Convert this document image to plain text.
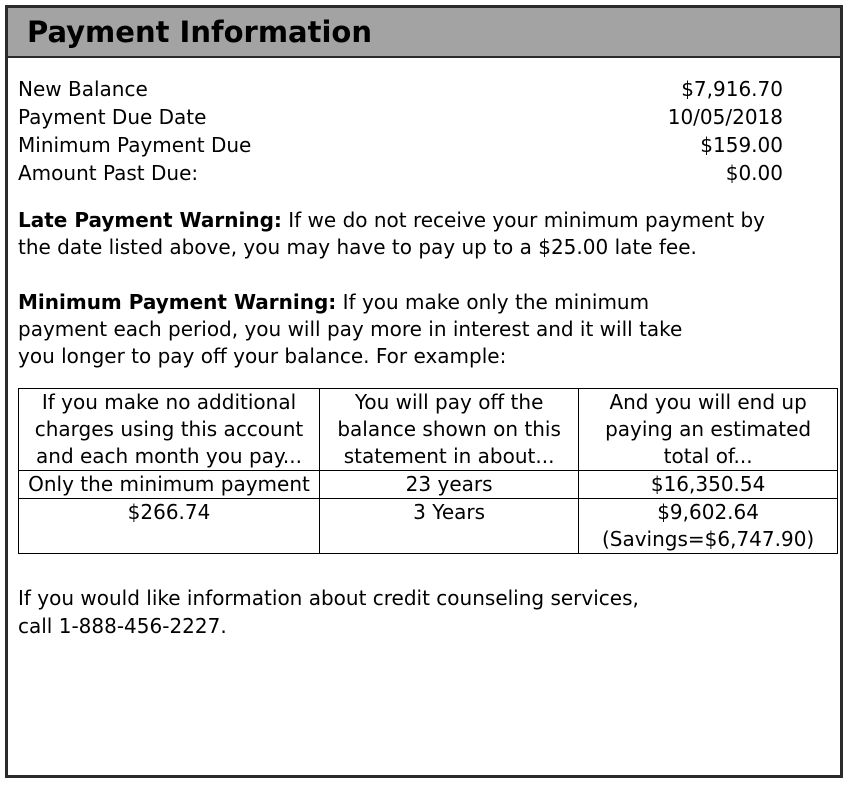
Payment Information
New Balance	$7,916.70
Payment Due Date	10/05/2018
Minimum Payment Due	$159.00
Amount Past Due:	$0.00

Late Payment Warning: If we do not receive your minimum payment by the date listed above, you may have to pay up to a $25.00 late fee.

Minimum Payment Warning: If you make only the minimum payment each period, you will pay more in interest and it will take you longer to pay off your balance. For example:

If you make no additional charges using this account and each month you pay...	You will pay off the balance shown on this statement in about...	And you will end up paying an estimated total of...

Only the minimum payment	23 years	$16,350.54
$266.74	3 Years	$9,602.64
(Savings=$6,747.90)
If you would like information about credit counseling services,
call 1-888-456-2227.
